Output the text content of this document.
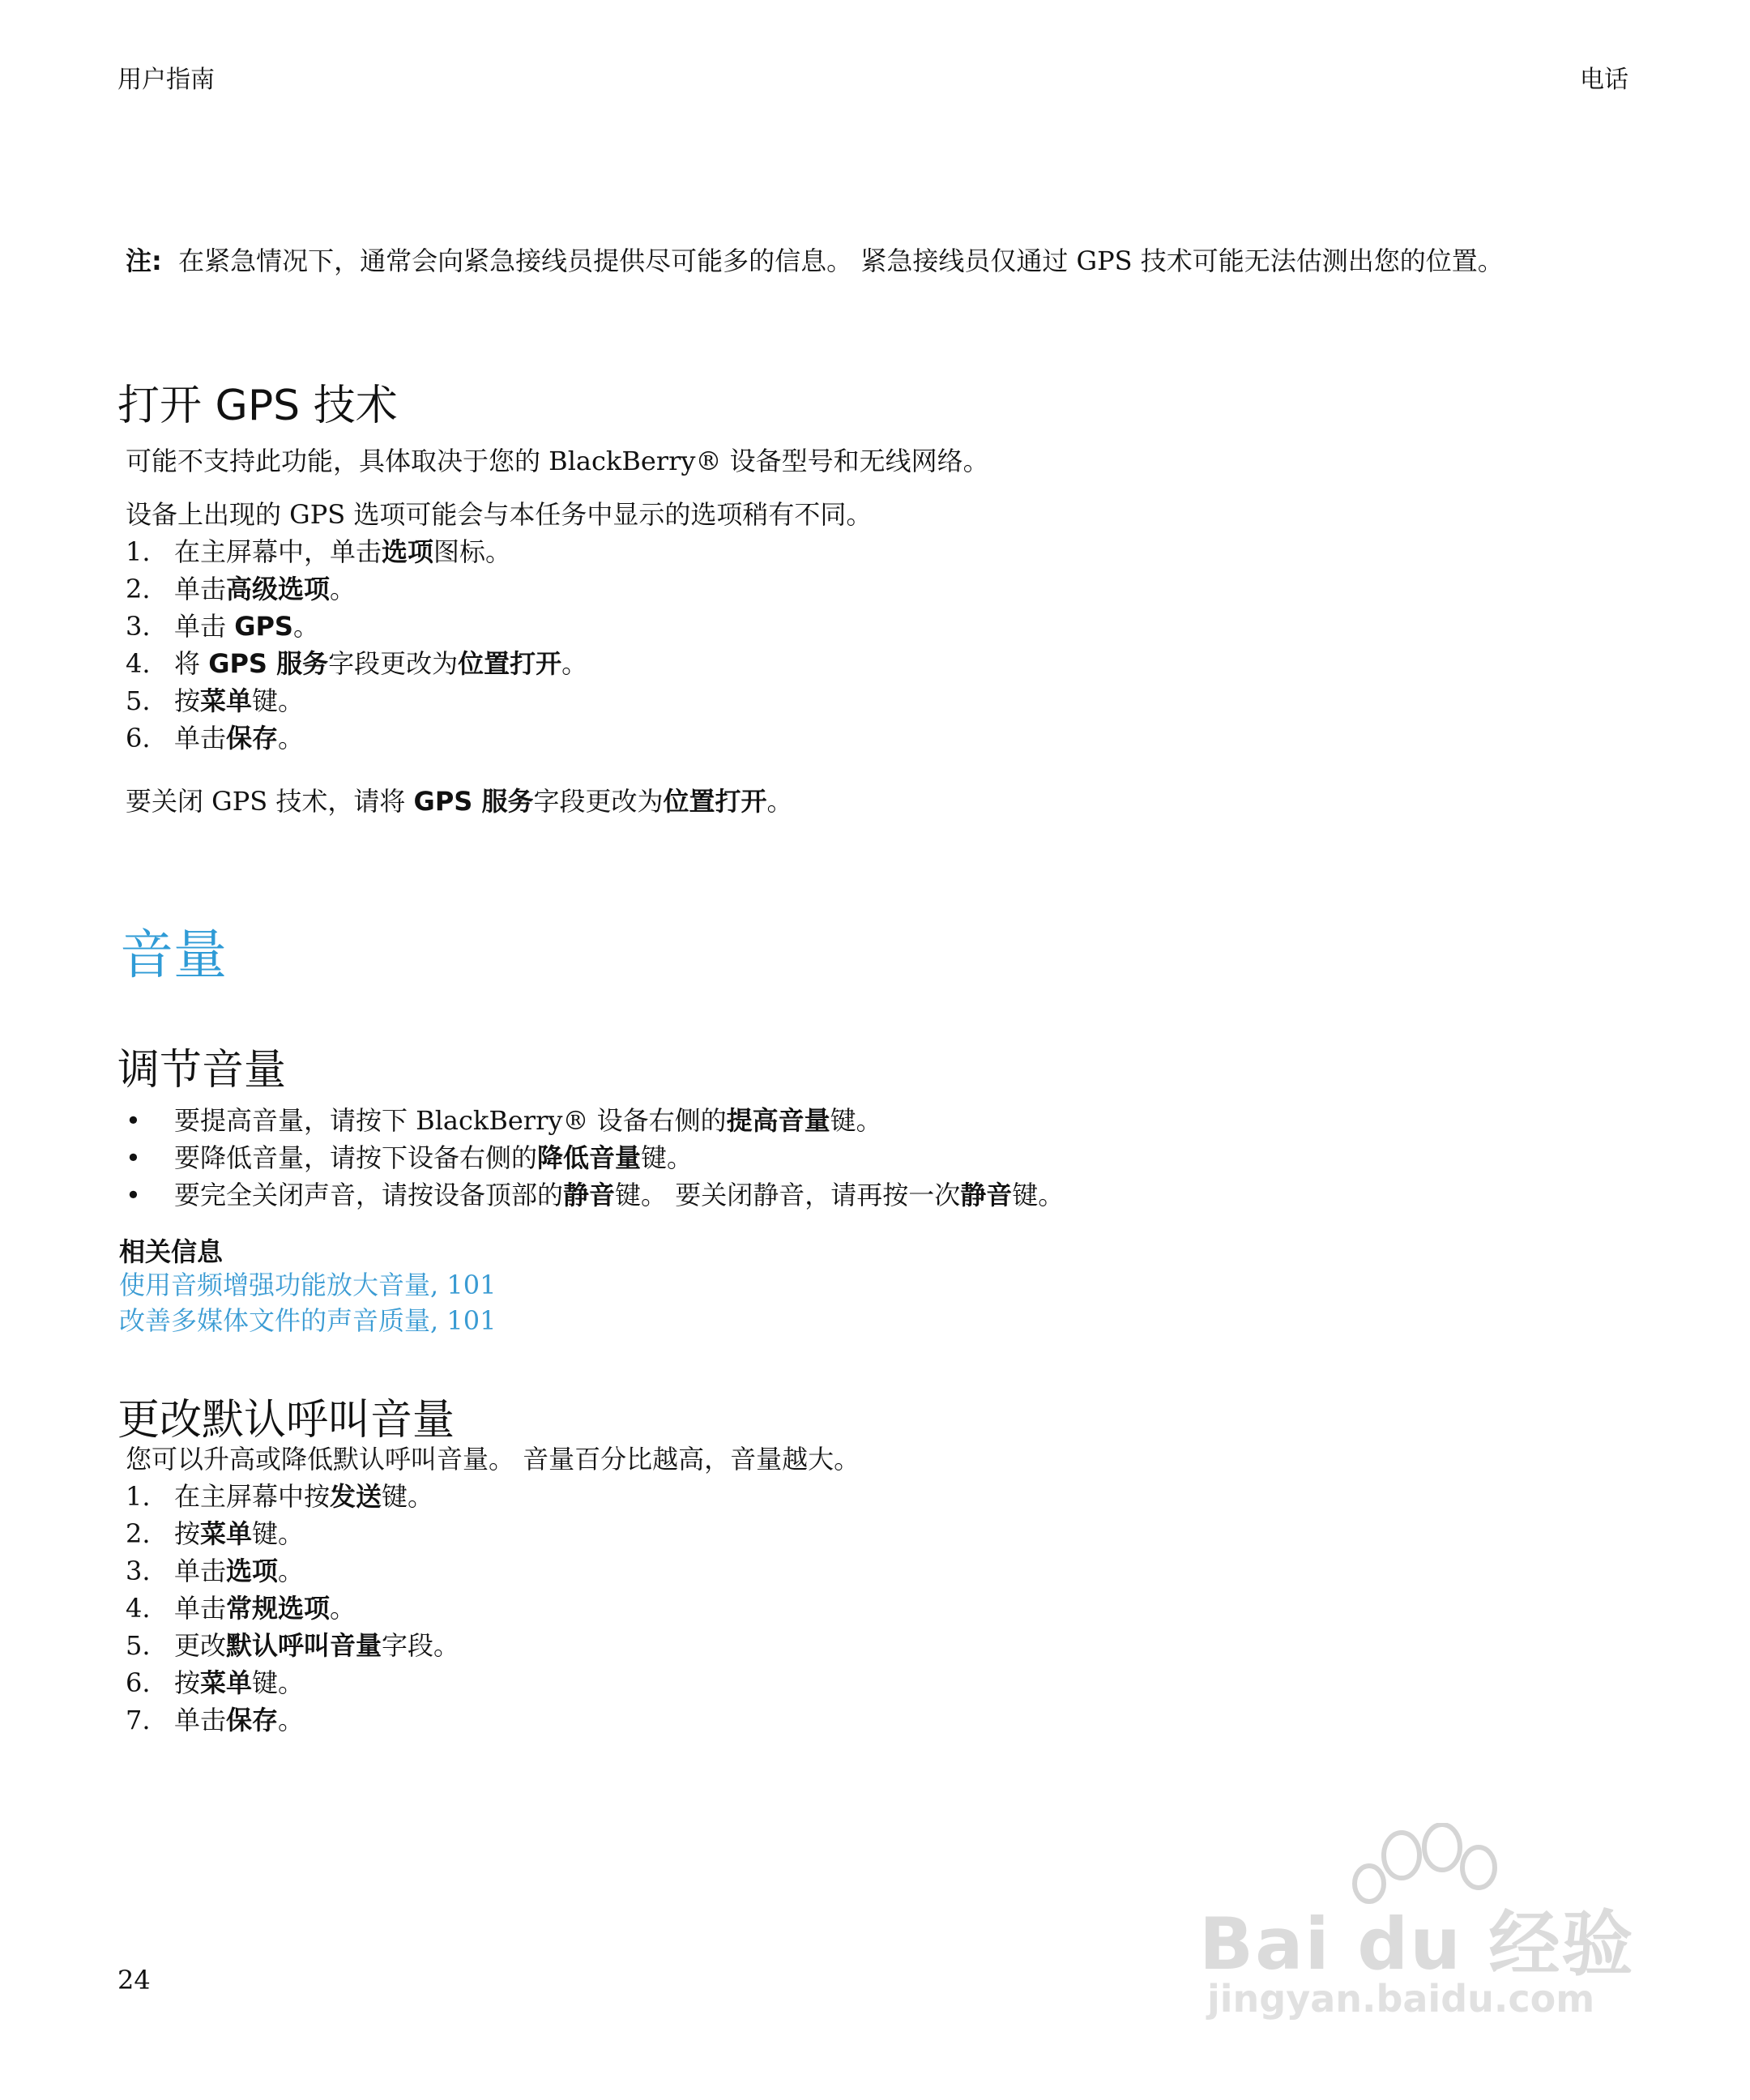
用户指南	电话
注: 在紧急情况下，通常会向紧急接线员提供尽可能多的信息。 紧急接线员仅通过 GPS 技术可能无法估测出您的位置。
打开 GPS 技术
可能不支持此功能，具体取决于您的 BlackBerry® 设备型号和无线网络。
设备上出现的 GPS 选项可能会与本任务中显示的选项稍有不同。
1. 在主屏幕中，单击选项图标。
2. 单击高级选项。
3. 单击 GPS。
4. 将 GPS 服务字段更改为位置打开。
5. 按菜单键。
6. 单击保存。
要关闭 GPS 技术，请将 GPS 服务字段更改为位置打开。
音量
调节音量
• 要提高音量，请按下 BlackBerry® 设备右侧的提高音量键。
• 要降低音量，请按下设备右侧的降低音量键。
• 要完全关闭声音，请按设备顶部的静音键。 要关闭静音，请再按一次静音键。
相关信息
使用音频增强功能放大音量, 101
改善多媒体文件的声音质量, 101
更改默认呼叫音量
您可以升高或降低默认呼叫音量。 音量百分比越高，音量越大。
1. 在主屏幕中按发送键。
2. 按菜单键。
3. 单击选项。
4. 单击常规选项。
5. 更改默认呼叫音量字段。
6. 按菜单键。
7. 单击保存。
24	Bai du 经验
jingyan.baidu.com
